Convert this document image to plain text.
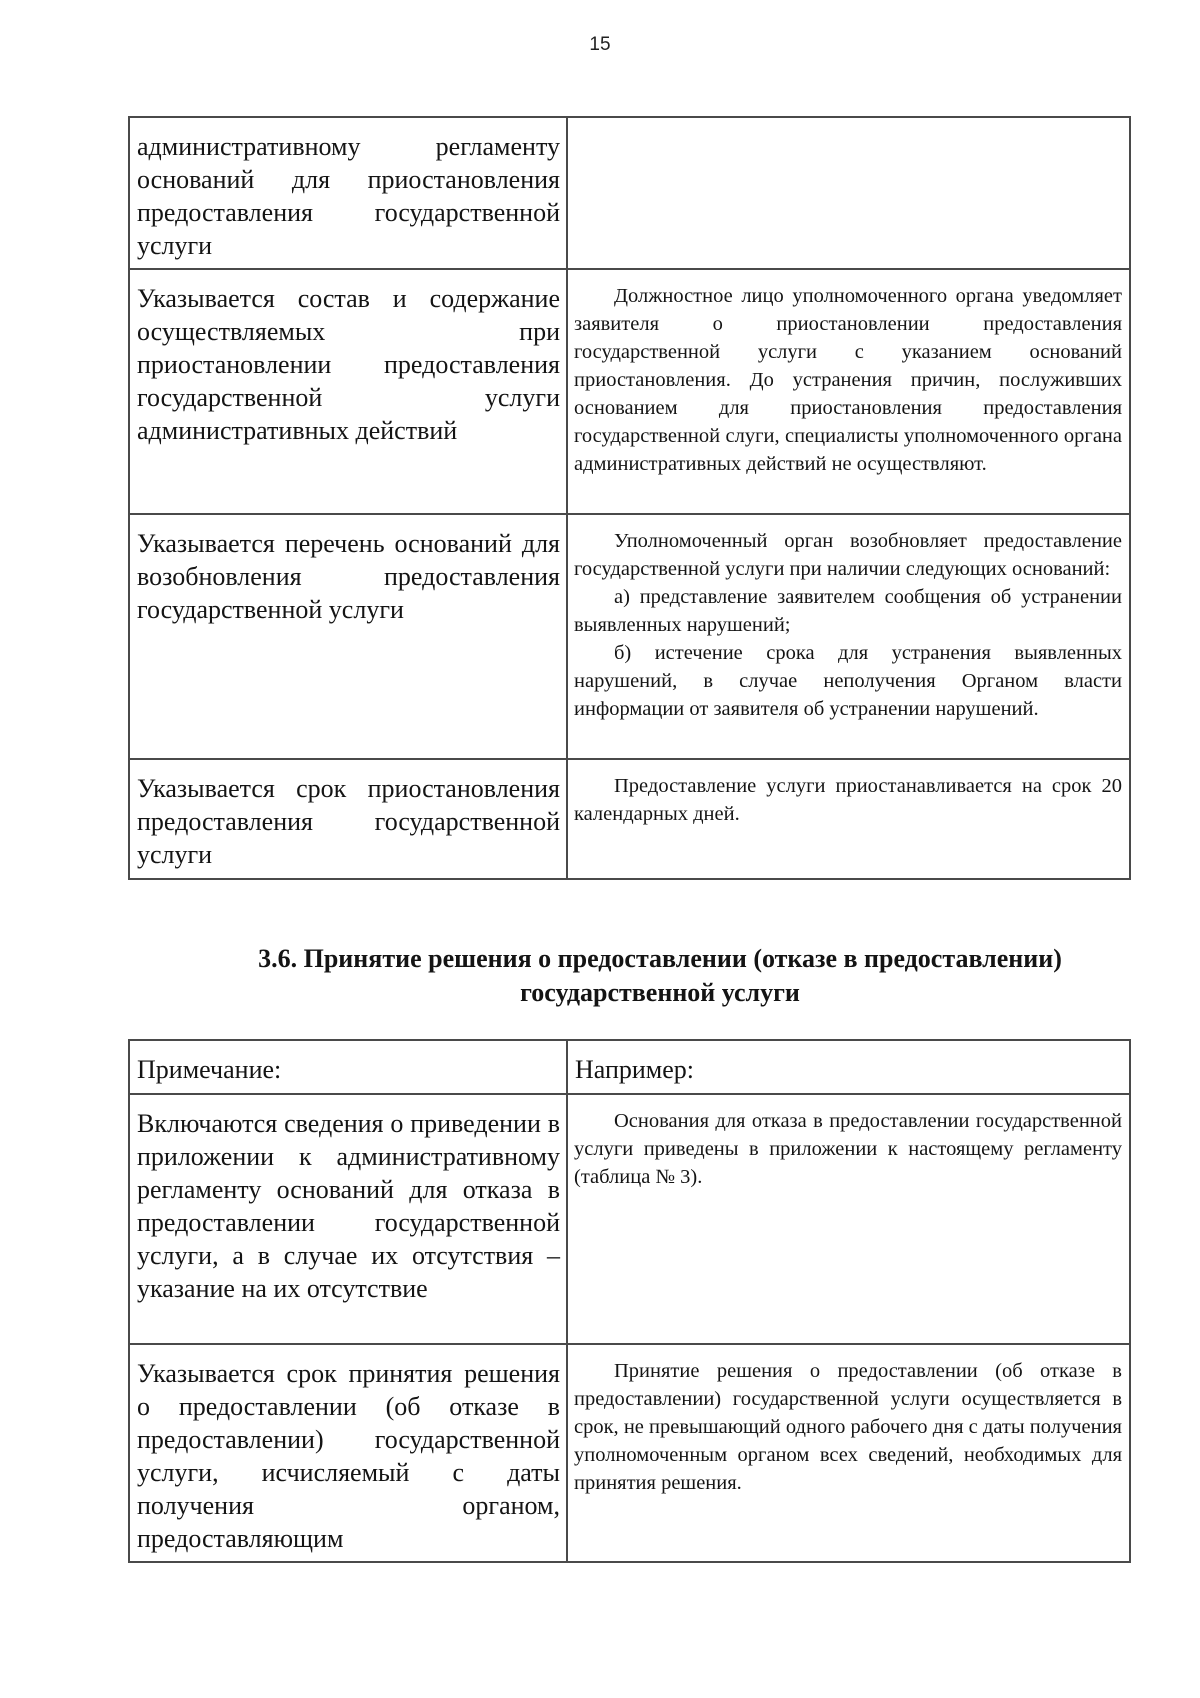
15

административному регламенту оснований для приостановления предоставления государственной услуги	

Указывается состав и содержание осуществляемых при приостановлении предоставления государственной услуги административных действий	Должностное лицо уполномоченного органа уведомляет заявителя о приостановлении предоставления государственной услуги с указанием оснований приостановления. До устранения причин, послуживших основанием для приостановления предоставления государственной слуги, специалисты уполномоченного органа административных действий не осуществляют.

Указывается перечень оснований для возобновления предоставления государственной услуги	Уполномоченный орган возобновляет предоставление государственной услуги при наличии следующих оснований:

а) представление заявителем сообщения об устранении выявленных нарушений;

б) истечение срока для устранения выявленных нарушений, в случае неполучения Органом власти информации от заявителя об устранении нарушений.

Указывается срок приостановления предоставления государственной услуги	Предоставление услуги приостанавливается на срок 20 календарных дней.

3.6. Принятие решения о предоставлении (отказе в предоставлении)
государственной услуги

Примечание:	Например:

Включаются сведения о приведении в приложении к административному регламенту оснований для отказа в предоставлении государственной услуги, а в случае их отсутствия – указание на их отсутствие	Основания для отказа в предоставлении государственной услуги приведены в приложении к настоящему регламенту (таблица № 3).

Указывается срок принятия решения о предоставлении (об отказе в предоставлении) государственной услуги, исчисляемый с даты получения органом, предоставляющим	Принятие решения о предоставлении (об отказе в предоставлении) государственной услуги осуществляется в срок, не превышающий одного рабочего дня с даты получения уполномоченным органом всех сведений, необходимых для принятия решения.
